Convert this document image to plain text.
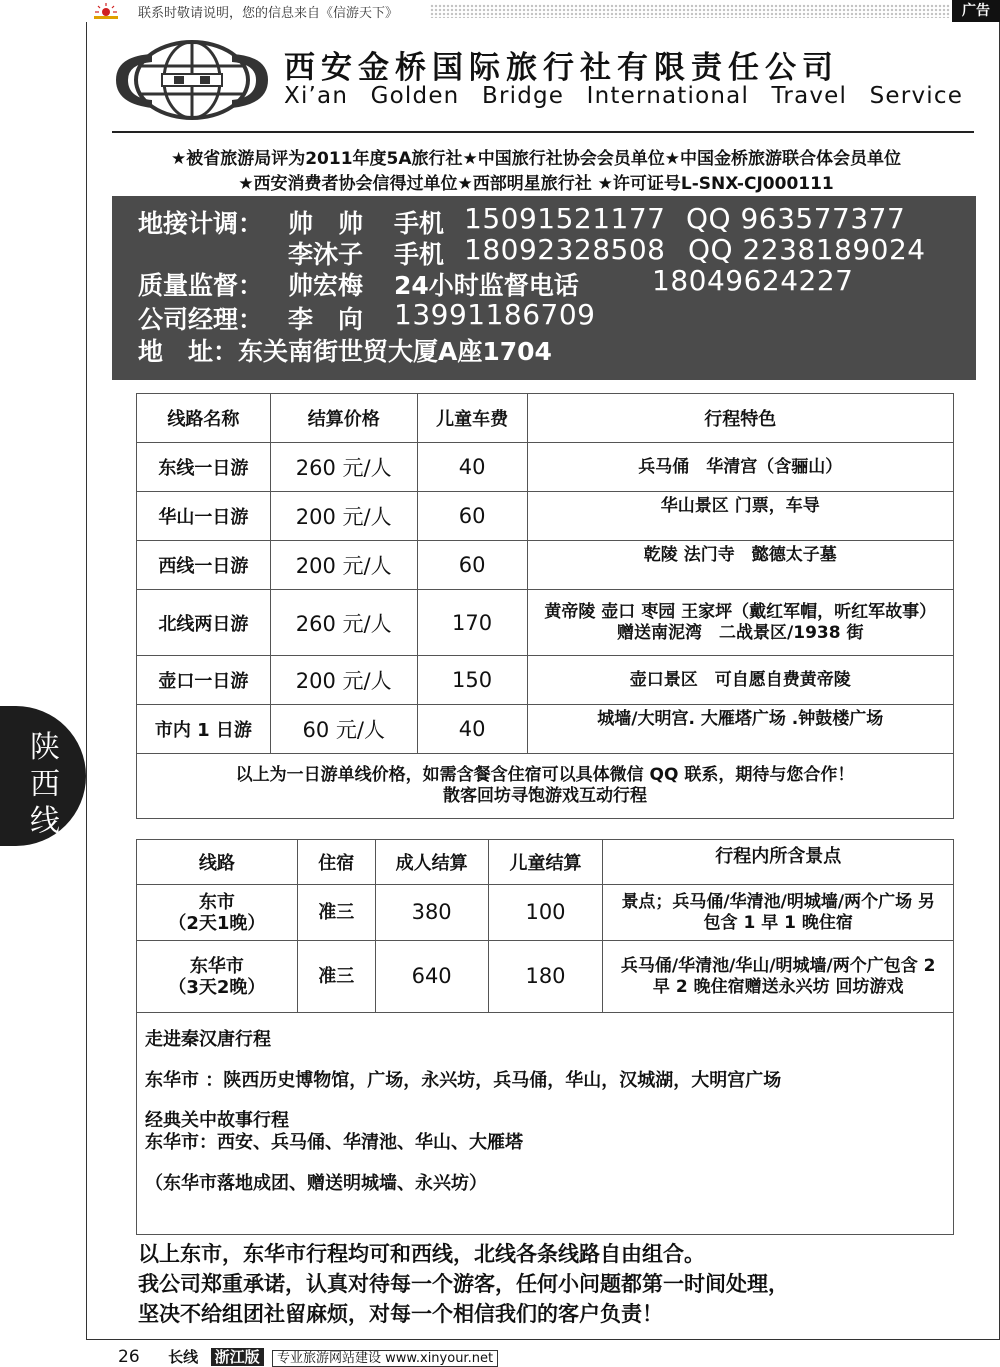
联系时敬请说明，您的信息来自《信游天下》	广告
西安金桥国际旅行社有限责任公司
Xi’an Golden Bridge International Travel Service
★被省旅游局评为2011年度5A旅行社★中国旅行社协会会员单位★中国金桥旅游联合体会员单位
★西安消费者协会信得过单位★西部明星旅行社 ★许可证号L-SNX-CJ000111
地接计调： 帅　帅 手机 15091521177 QQ 963577377
李沐子 手机 18092328508 QQ 2238189024
质量监督： 帅宏梅 24小时监督电话	18049624227
公司经理： 李　向 13991186709
地　址：东关南街世贸大厦A座1704
线路名称	结算价格	儿童车费	行程特色
东线一日游	260 元/人	40	兵马俑　华清宫（含骊山）
华山一日游	200 元/人	60	华山景区 门票，车导
西线一日游	200 元/人	60	乾陵 法门寺　懿德太子墓
北线两日游	260 元/人	170	黄帝陵 壶口 枣园 王家坪（戴红军帽，听红军故事）赠送南泥湾　二战景区/1938 街
壶口一日游	200 元/人	150	壶口景区　可自愿自费黄帝陵
市内 1 日游	60 元/人	40	城墙/大明宫. 大雁塔广场 .钟鼓楼广场

以上为一日游单线价格，如需含餐含住宿可以具体微信 QQ 联系，期待与您合作！
散客回坊寻饱游戏互动行程			
线路	住宿	成人结算	儿童结算	行程内所含景点

东市
（2天1晚）	准三	380	100	景点；兵马俑/华清池/明城墙/两个广场 另 包含 1 早 1 晚住宿

东华市
（3天2晚）	准三	640	180	兵马俑/华清池/华山/明城墙/两个广包含 2 早 2 晚住宿赠送永兴坊 回坊游戏

走进秦汉唐行程

东华市 ：陕西历史博物馆，广场，永兴坊，兵马俑，华山，汉城湖，大明宫广场

经典关中故事行程

东华市：西安、兵马俑、华清池、华山、大雁塔

（东华市落地成团、赠送明城墙、永兴坊）				

以上东市，东华市行程均可和西线，北线各条线路自由组合。
我公司郑重承诺，认真对待每一个游客，任何小问题都第一时间处理，
坚决不给组团社留麻烦，对每一个相信我们的客户负责！
陕
西
线
26 长线 浙江版 专业旅游网站建设 www.xinyour.net
